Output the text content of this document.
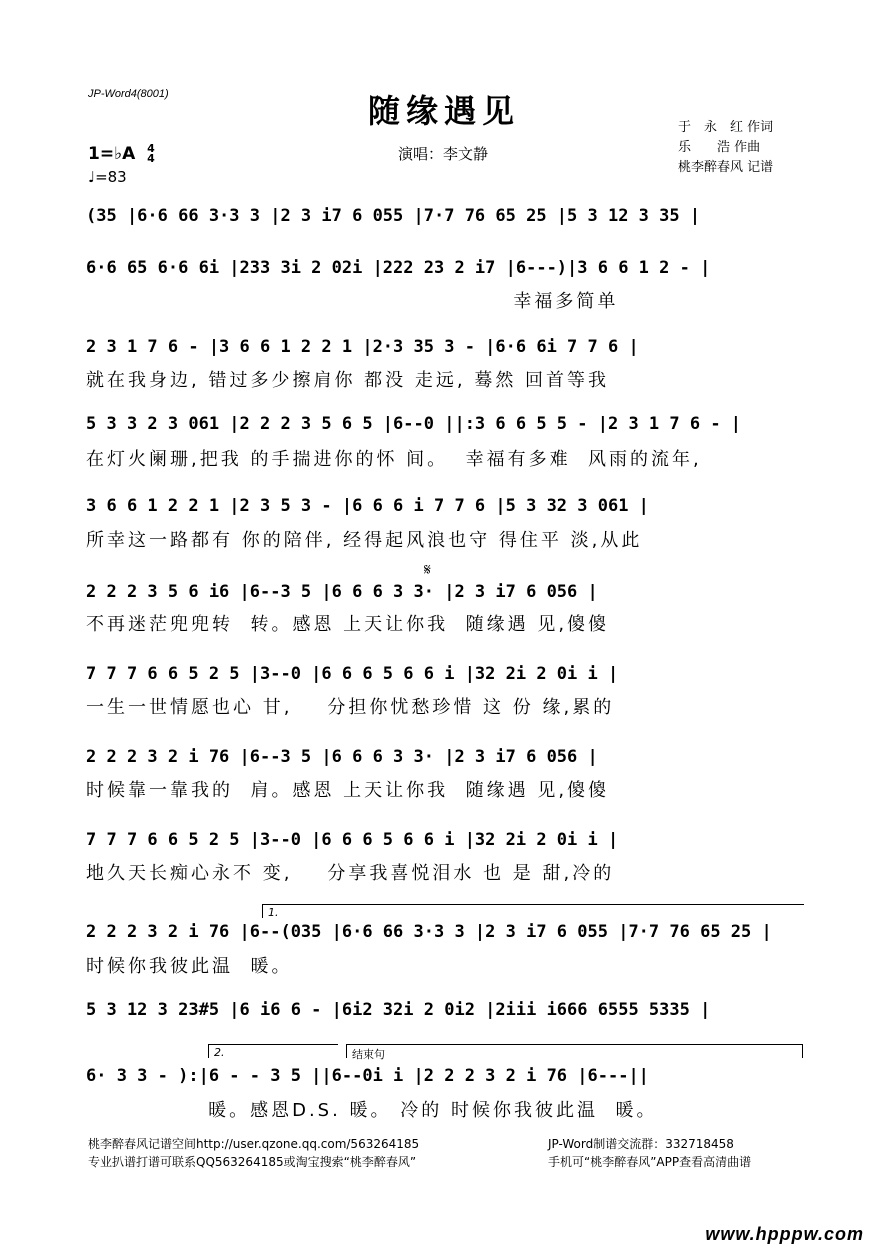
JP-Word4(8001)	随缘遇见
演唱：李文静
于　永　红 作词
乐　　浩 作曲
桃李醉春风 记谱
1=♭A 4
4
♩=83
(35 |6·6 66 3·3 3 |2 3 i7 6 055 |7·7 76 65 25 |5 3 12 3 35 |
6·6 65 6·6 6i |233 3i 2 02i |222 23 2 i7 |6---)|3 6 6 1 2 - |
幸福多简单
2 3 1 7 6 - |3 6 6 1 2 2 1 |2·3 35 3 - |6·6 6i 7 7 6 |
就在我身边, 错过多少擦肩你 都没 走远, 蓦然 回首等我
5 3 3 2 3 061 |2 2 2 3 5 6 5 |6--0 ||:3 6 6 5 5 - |2 3 1 7 6 - |
在灯火阑珊,把我 的手揣进你的怀 间。  幸福有多难  风雨的流年,
3 6 6 1 2 2 1 |2 3 5 3 - |6 6 6 i 7 7 6 |5 3 32 3 061 |
所幸这一路都有 你的陪伴, 经得起风浪也守 得住平 淡,从此
𝄋
2 2 2 3 5 6 i6 |6--3 5 |6 6 6 3 3· |2 3 i7 6 056 |
不再迷茫兜兜转  转。感恩 上天让你我  随缘遇 见,傻傻
7 7 7 6 6 5 2 5 |3--0 |6 6 6 5 6 6 i |32 2i 2 0i i |
一生一世情愿也心 甘,    分担你忧愁珍惜 这 份 缘,累的
2 2 2 3 2 i 76 |6--3 5 |6 6 6 3 3· |2 3 i7 6 056 |
时候靠一靠我的  肩。感恩 上天让你我  随缘遇 见,傻傻
7 7 7 6 6 5 2 5 |3--0 |6 6 6 5 6 6 i |32 2i 2 0i i |
地久天长痴心永不 变,    分享我喜悦泪水 也 是 甜,冷的
1.
2 2 2 3 2 i 76 |6--(035 |6·6 66 3·3 3 |2 3 i7 6 055 |7·7 76 65 25 |
时候你我彼此温  暖。
5 3 12 3 23#5 |6 i6 6 - |6i2 32i 2 0i2 |2iii i666 6555 5335 |
2.	结束句
6· 3 3 - ):|6 - - 3 5 ||6--0i i |2 2 2 3 2 i 76 |6---||
暖。感恩D.S. 暖。 冷的 时候你我彼此温  暖。
桃李醉春风记谱空间http://user.qzone.qq.com/563264185
专业扒谱打谱可联系QQ563264185或淘宝搜索“桃李醉春风”
JP-Word制谱交流群：332718458
手机可“桃李醉春风”APP查看高清曲谱
www.hpppw.com
